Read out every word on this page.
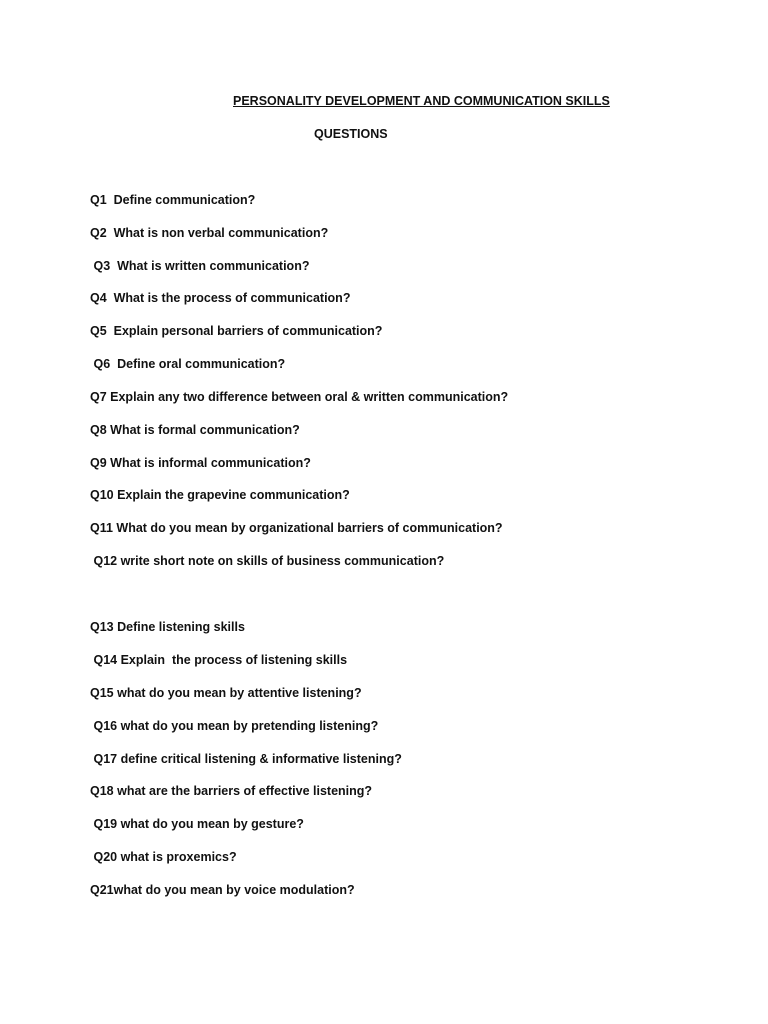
PERSONALITY DEVELOPMENT AND COMMUNICATION SKILLS
QUESTIONS
Q1  Define communication?
Q2  What is non verbal communication?
Q3  What is written communication?
Q4  What is the process of communication?
Q5  Explain personal barriers of communication?
Q6  Define oral communication?
Q7 Explain any two difference between oral & written communication?
Q8 What is formal communication?
Q9 What is informal communication?
Q10 Explain the grapevine communication?
Q11 What do you mean by organizational barriers of communication?
Q12 write short note on skills of business communication?
Q13 Define listening skills
Q14 Explain  the process of listening skills
Q15 what do you mean by attentive listening?
Q16 what do you mean by pretending listening?
Q17 define critical listening & informative listening?
Q18 what are the barriers of effective listening?
Q19 what do you mean by gesture?
Q20 what is proxemics?
Q21what do you mean by voice modulation?
